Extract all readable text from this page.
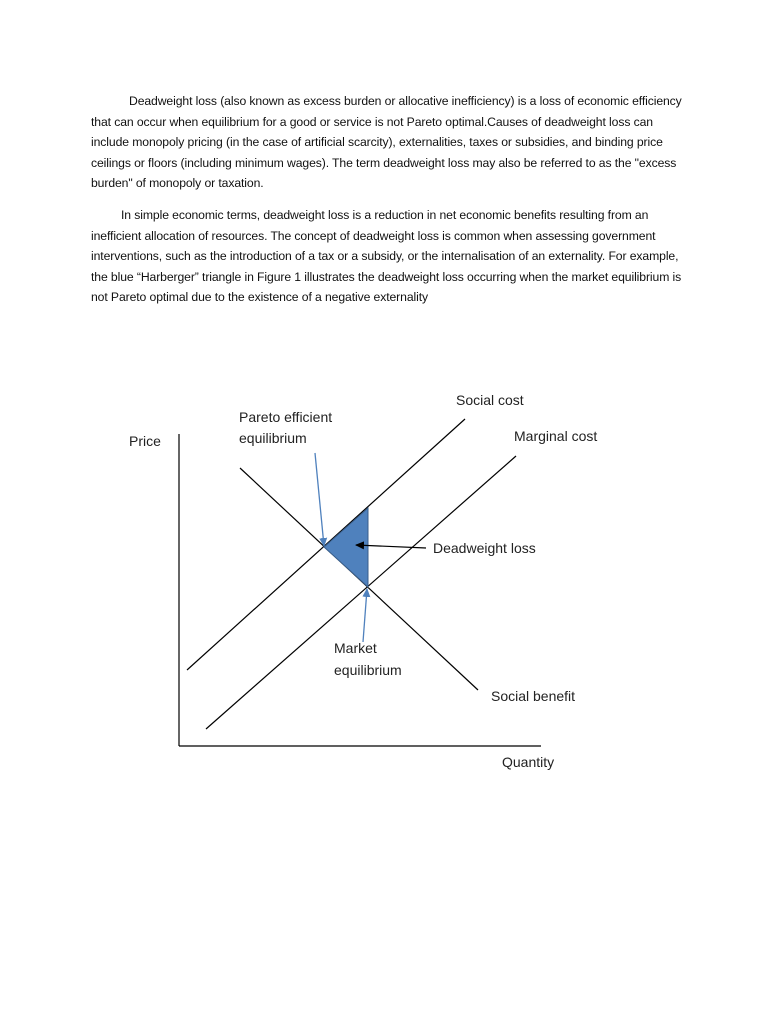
Deadweight loss (also known as excess burden or allocative inefficiency) is a loss of economic efficiency that can occur when equilibrium for a good or service is not Pareto optimal.Causes of deadweight loss can include monopoly pricing (in the case of artificial scarcity), externalities, taxes or subsidies, and binding price ceilings or floors (including minimum wages). The term deadweight loss may also be referred to as the "excess burden" of monopoly or taxation.

In simple economic terms, deadweight loss is a reduction in net economic benefits resulting from an inefficient allocation of resources. The concept of deadweight loss is common when assessing government interventions, such as the introduction of a tax or a subsidy, or the internalisation of an externality. For example, the blue “Harberger” triangle in Figure 1 illustrates the deadweight loss occurring when the market equilibrium is not Pareto optimal due to the existence of a negative externality

Price
Quantity
Social cost
Marginal cost
Social benefit
Pareto efficient
equilibrium
Deadweight loss
Market
equilibrium
